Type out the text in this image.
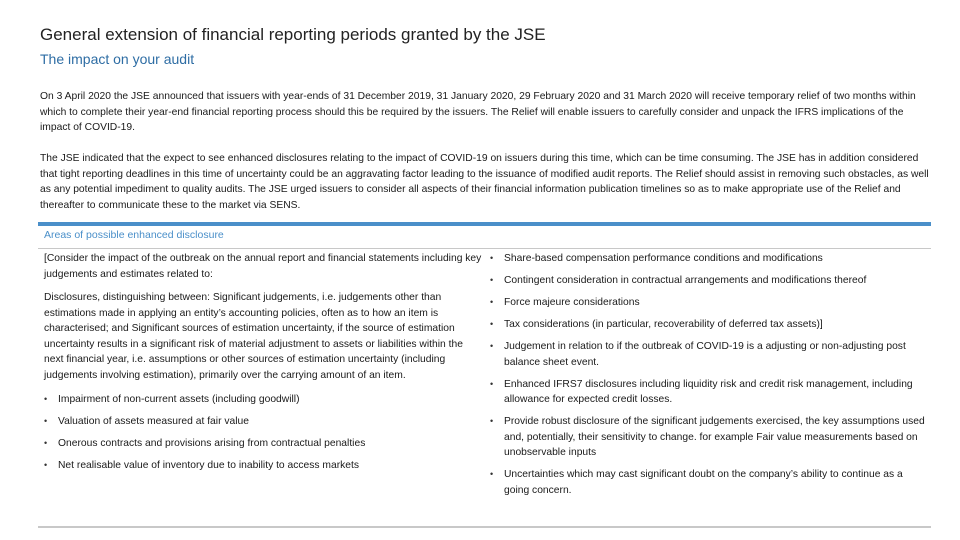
General extension of financial reporting periods granted by the JSE
The impact on your audit

On 3 April 2020 the JSE announced that issuers with year-ends of 31 December 2019, 31 January 2020, 29 February 2020 and 31 March 2020 will receive temporary relief of two months within which to complete their year-end financial reporting process should this be required by the issuers. The Relief will enable issuers to carefully consider and unpack the IFRS implications of the impact of COVID-19.

The JSE indicated that the expect to see enhanced disclosures relating to the impact of COVID-19 on issuers during this time, which can be time consuming. The JSE has in addition considered that tight reporting deadlines in this time of uncertainty could be an aggravating factor leading to the issuance of modified audit reports. The Relief should assist in removing such obstacles, as well as any potential impediment to quality audits. The JSE urged issuers to consider all aspects of their financial information publication timelines so as to make appropriate use of the Relief and thereafter to communicate these to the market via SENS.

Areas of possible enhanced disclosure

[Consider the impact of the outbreak on the annual report and financial statements including key judgements and estimates related to:

Disclosures, distinguishing between: Significant judgements, i.e. judgements other than estimations made in applying an entity’s accounting policies, often as to how an item is characterised; and Significant sources of estimation uncertainty, if the source of estimation uncertainty results in a significant risk of material adjustment to assets or liabilities within the next financial year, i.e. assumptions or other sources of estimation uncertainty (including judgements involving estimation), primarily over the carrying amount of an item.

• Impairment of non-current assets (including goodwill)
• Valuation of assets measured at fair value
• Onerous contracts and provisions arising from contractual penalties
• Net realisable value of inventory due to inability to access markets
• Share-based compensation performance conditions and modifications
• Contingent consideration in contractual arrangements and modifications thereof
• Force majeure considerations
• Tax considerations (in particular, recoverability of deferred tax assets)]
• Judgement in relation to if the outbreak of COVID-19 is a adjusting or non-adjusting post balance sheet event.
• Enhanced IFRS7 disclosures including liquidity risk and credit risk management, including allowance for expected credit losses.
• Provide robust disclosure of the significant judgements exercised, the key assumptions used and, potentially, their sensitivity to change. for example Fair value measurements based on unobservable inputs
• Uncertainties which may cast significant doubt on the company’s ability to continue as a going concern.
